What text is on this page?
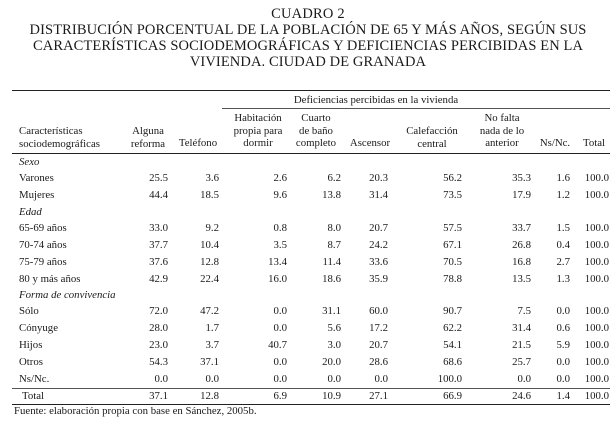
CUADRO 2
DISTRIBUCIÓN PORCENTUAL DE LA POBLACIÓN DE 65 Y MÁS AÑOS, SEGÚN SUS
CARACTERÍSTICAS SOCIODEMOGRÁFICAS Y DEFICIENCIAS PERCIBIDAS EN LA
VIVIENDA. CIUDAD DE GRANADA
Deficiencias percibidas en la vivienda
Características
sociodemográficas
Alguna
reforma	Teléfono
Habitación
propia para
dormir
Cuarto
de baño
completo	Ascensor
Calefacción
central
No falta
nada de lo
anterior	Ns/Nc.	Total
Sexo
Varones	25.5	3.6	2.6	6.2	20.3	56.2	35.3 1.6 100.0
Mujeres	44.4	18.5	9.6	13.8	31.4	73.5	17.9 1.2 100.0
Edad
65-69 años	33.0	9.2	0.8	8.0	20.7	57.5	33.7 1.5 100.0
70-74 años	37.7	10.4	3.5	8.7	24.2	67.1	26.8 0.4 100.0
75-79 años	37.6	12.8	13.4	11.4	33.6	70.5	16.8 2.7 100.0
80 y más años	42.9	22.4	16.0	18.6	35.9	78.8	13.5 1.3 100.0
Forma de convivencia
Sólo	72.0	47.2	0.0	31.1	60.0	90.7	7.5 0.0 100.0
Cónyuge	28.0	1.7	0.0	5.6	17.2	62.2	31.4 0.6 100.0
Hijos	23.0	3.7	40.7	3.0	20.7	54.1	21.5 5.9 100.0
Otros	54.3	37.1	0.0	20.0	28.6	68.6	25.7 0.0 100.0
Ns/Nc.	0.0	0.0	0.0	0.0	0.0	100.0	0.0 0.0 100.0
Total	37.1	12.8	6.9	10.9	27.1	66.9	24.6 1.4 100.0
Fuente: elaboración propia con base en Sánchez, 2005b.
